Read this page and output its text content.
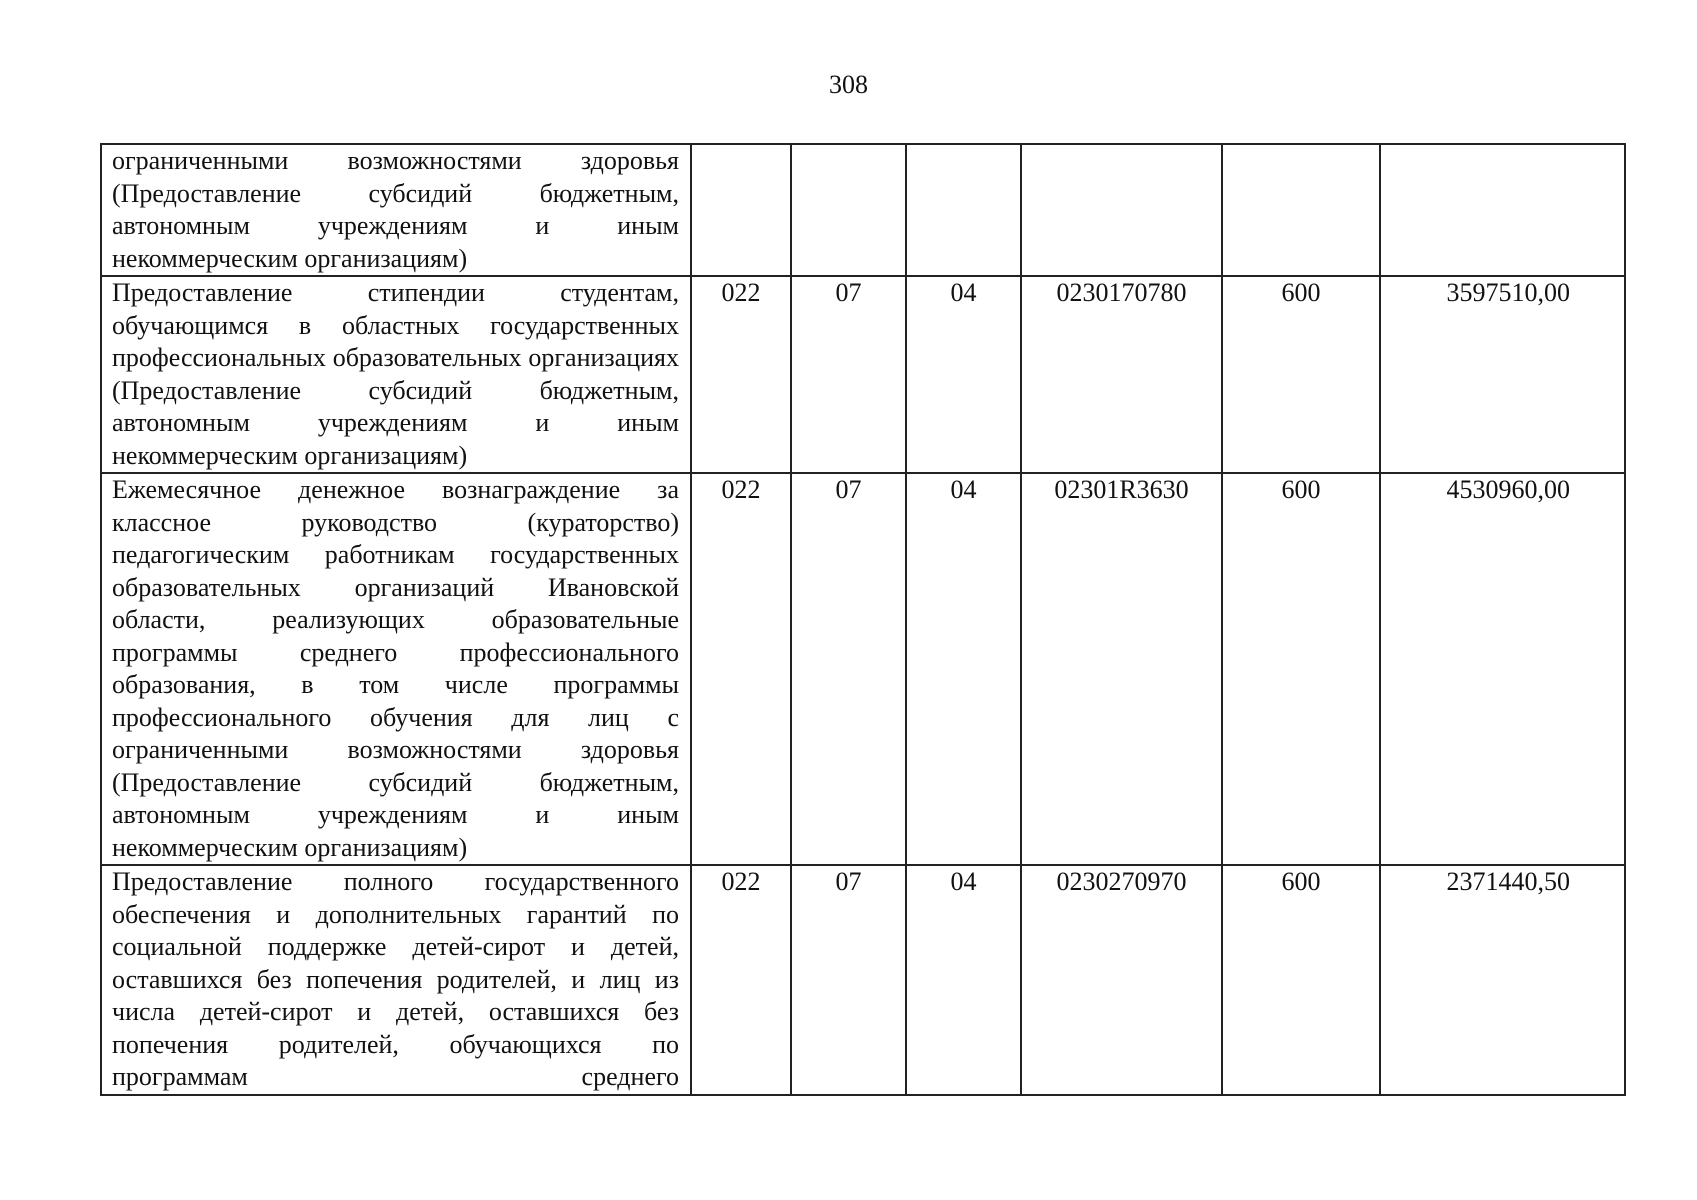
308
ограниченными возможностями здоровья (Предоставление субсидий бюджетным, автономным учреждениям и иным некоммерческим организациям)						
Предоставление стипендии студентам, обучающимся в областных государственных профессиональных образовательных организациях (Предоставление субсидий бюджетным, автономным учреждениям и иным некоммерческим организациям)	022	07	04	0230170780	600	3597510,00
Ежемесячное денежное вознаграждение за классное руководство (кураторство) педагогическим работникам государственных образовательных организаций Ивановской области, реализующих образовательные программы среднего профессионального образования, в том числе программы профессионального обучения для лиц с ограниченными возможностями здоровья (Предоставление субсидий бюджетным, автономным учреждениям и иным некоммерческим организациям)	022	07	04	02301R3630	600	4530960,00
Предоставление полного государственного обеспечения и дополнительных гарантий по социальной поддержке детей-сирот и детей, оставшихся без попечения родителей, и лиц из числа детей-сирот и детей, оставшихся без попечения родителей, обучающихся по программам среднего	022	07	04	0230270970	600	2371440,50
